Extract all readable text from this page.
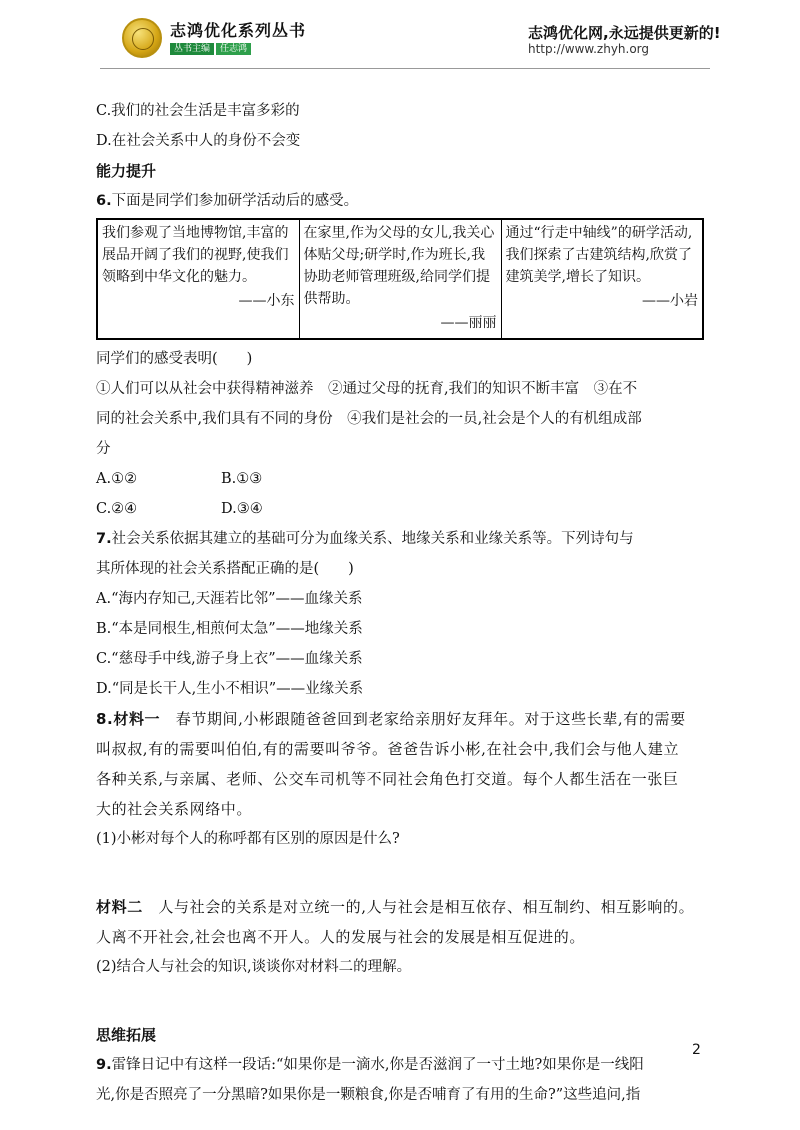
志鸿优化系列丛书
丛书主编 任志鸿
志鸿优化网,永远提供更新的!
http://www.zhyh.org
C.我们的社会生活是丰富多彩的
D.在社会关系中人的身份不会变
能力提升
6.下面是同学们参加研学活动后的感受。
我们参观了当地博物馆,丰富的展品开阔了我们的视野,使我们领略到中华文化的魅力。
——小东

在家里,作为父母的女儿,我关心体贴父母;研学时,作为班长,我协助老师管理班级,给同学们提供帮助。
——丽丽

通过“行走中轴线”的研学活动,我们探索了古建筑结构,欣赏了建筑美学,增长了知识。
——小岩
同学们的感受表明(　　)
①人们可以从社会中获得精神滋养　②通过父母的抚育,我们的知识不断丰富　③在不
同的社会关系中,我们具有不同的身份　④我们是社会的一员,社会是个人的有机组成部
分
A.①②	B.①③
C.②④	D.③④
7.社会关系依据其建立的基础可分为血缘关系、地缘关系和业缘关系等。下列诗句与
其所体现的社会关系搭配正确的是(　　)
A.“海内存知己,天涯若比邻”——血缘关系
B.“本是同根生,相煎何太急”——地缘关系
C.“慈母手中线,游子身上衣”——血缘关系
D.“同是长干人,生小不相识”——业缘关系
8.材料一　春节期间,小彬跟随爸爸回到老家给亲朋好友拜年。对于这些长辈,有的需要
叫叔叔,有的需要叫伯伯,有的需要叫爷爷。爸爸告诉小彬,在社会中,我们会与他人建立
各种关系,与亲属、老师、公交车司机等不同社会角色打交道。每个人都生活在一张巨
大的社会关系网络中。
(1)小彬对每个人的称呼都有区别的原因是什么?
材料二　人与社会的关系是对立统一的,人与社会是相互依存、相互制约、相互影响的。
人离不开社会,社会也离不开人。人的发展与社会的发展是相互促进的。
(2)结合人与社会的知识,谈谈你对材料二的理解。
思维拓展
9.雷锋日记中有这样一段话:“如果你是一滴水,你是否滋润了一寸土地?如果你是一线阳
光,你是否照亮了一分黑暗?如果你是一颗粮食,你是否哺育了有用的生命?”这些追问,指
2
